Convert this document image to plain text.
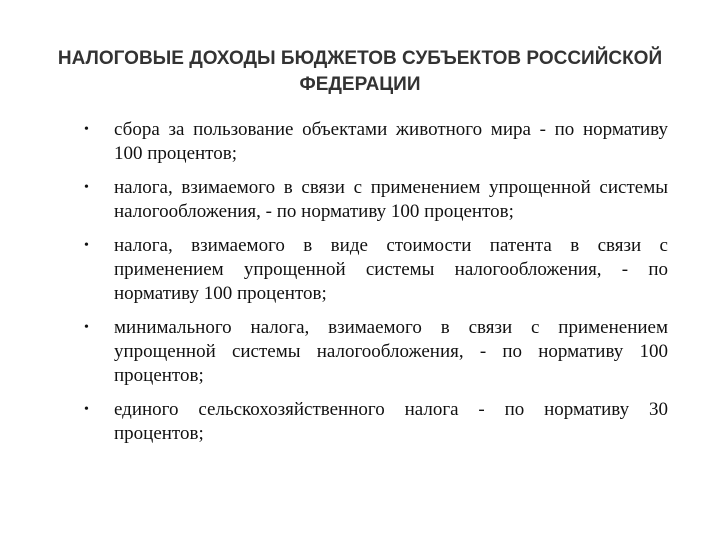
НАЛОГОВЫЕ ДОХОДЫ БЮДЖЕТОВ СУБЪЕКТОВ РОССИЙСКОЙ
ФЕДЕРАЦИИ
• сбора за пользование объектами животного мира - по нормативу 100 процентов;
• налога, взимаемого в связи с применением упрощенной системы налогообложения, - по нормативу 100 процентов;
• налога, взимаемого в виде стоимости патента в связи с применением упрощенной системы налогообложения, - по нормативу 100 процентов;
• минимального налога, взимаемого в связи с применением упрощенной системы налогообложения, - по нормативу 100 процентов;
• единого сельскохозяйственного налога - по нормативу 30 процентов;
